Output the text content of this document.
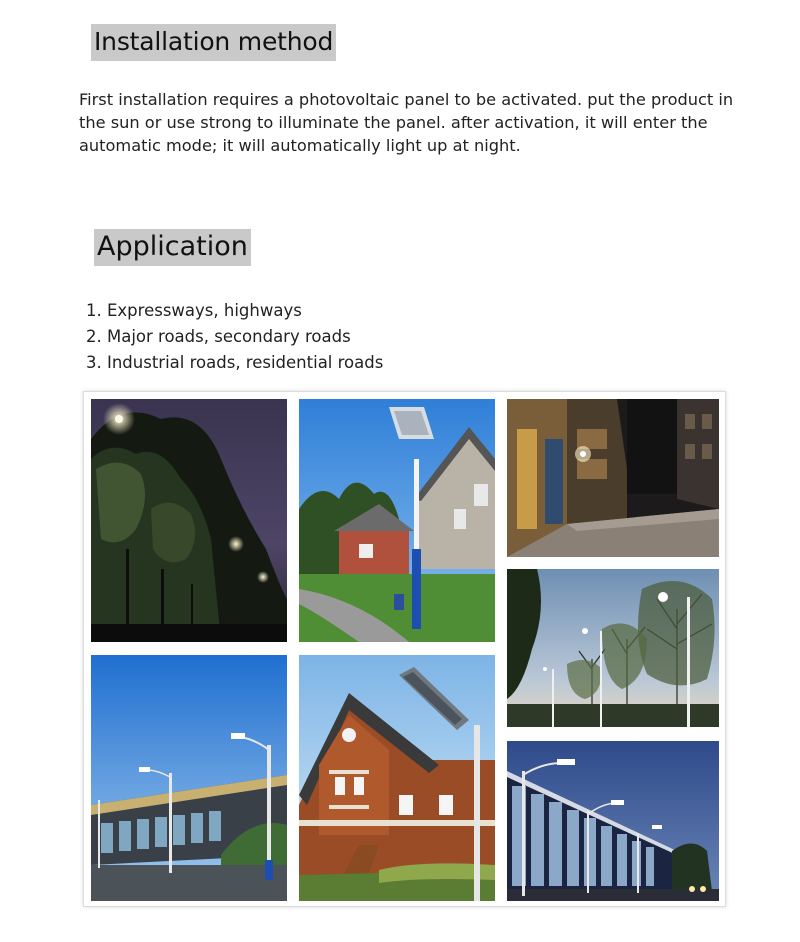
Installation method
First installation requires a photovoltaic panel to be activated. put the product in
the sun or use strong to illuminate the panel. after activation, it will enter the
automatic mode; it will automatically light up at night.
Application
1. Expressways, highways
2. Major roads, secondary roads
3. Industrial roads, residential roads
